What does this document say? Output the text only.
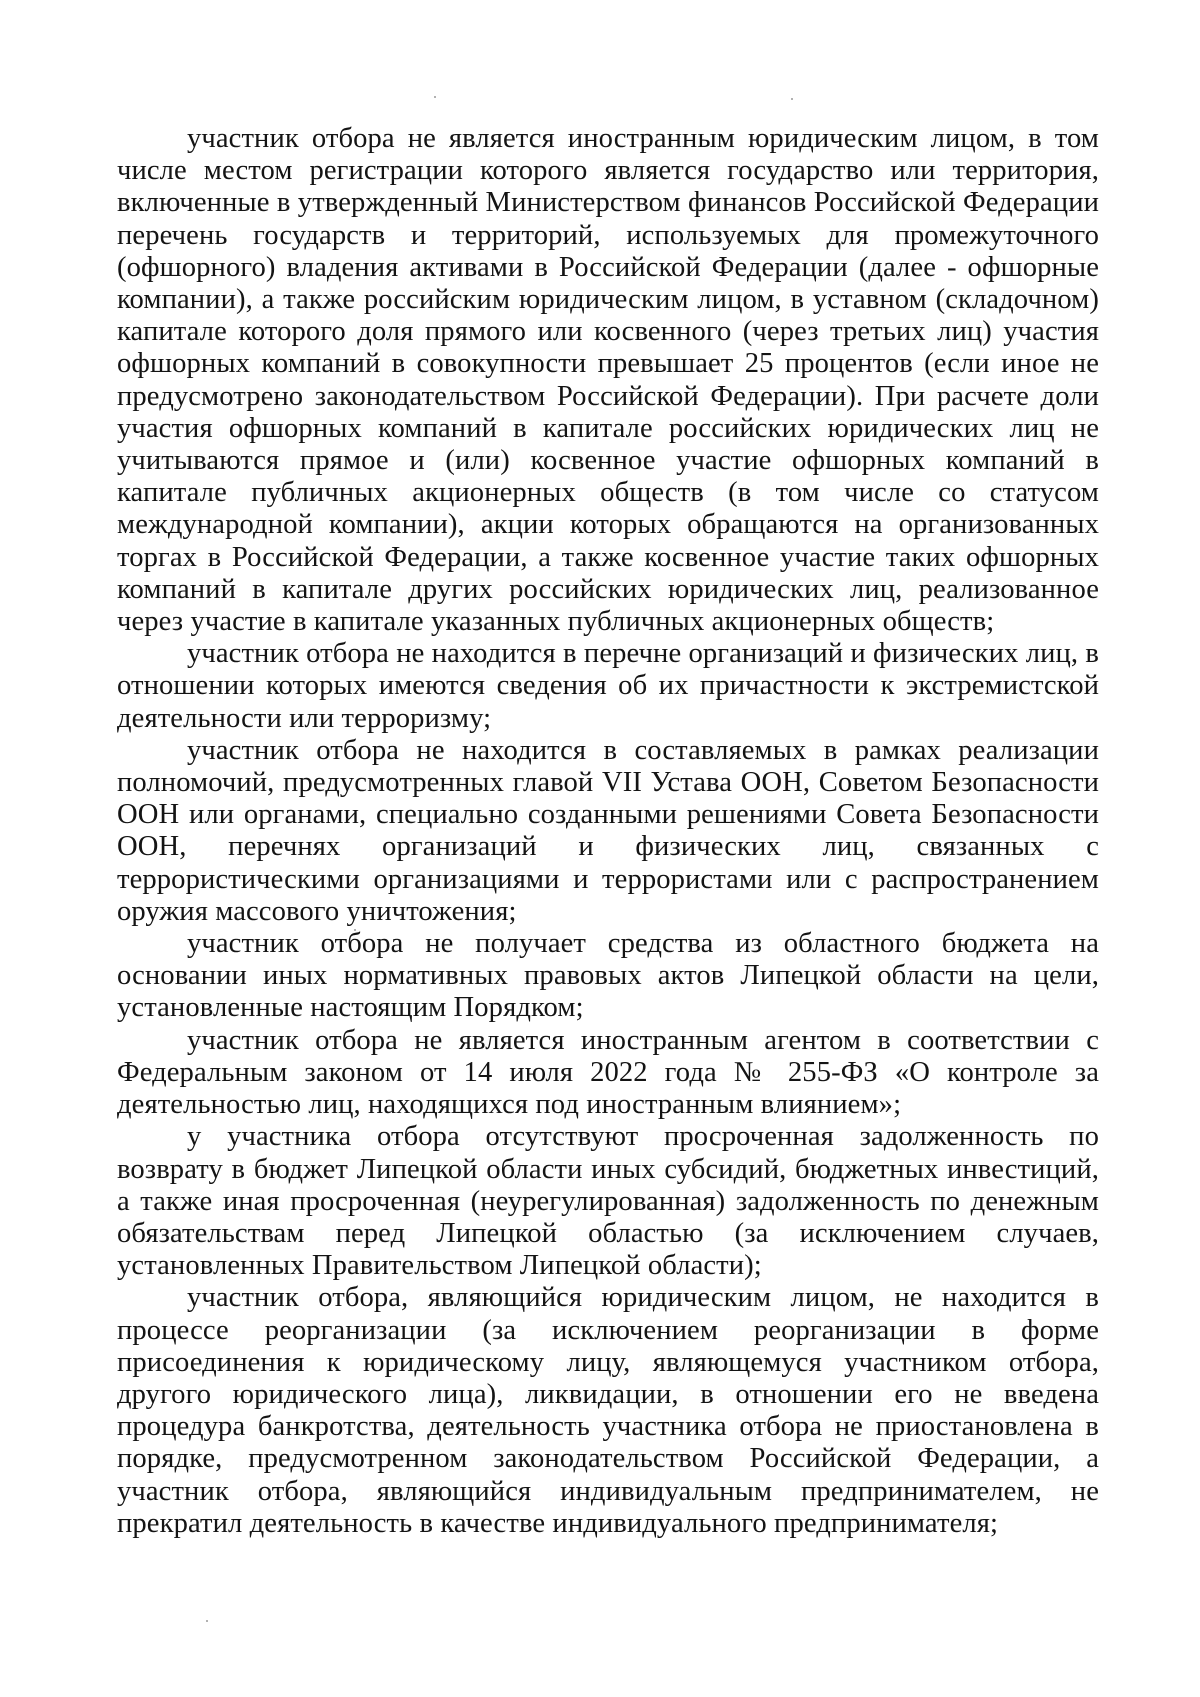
участник отбора не является иностранным юридическим лицом, в том числе местом регистрации которого является государство или территория, включенные в утвержденный Министерством финансов Российской Федерации перечень государств и территорий, используемых для промежуточного (офшорного) владения активами в Российской Федерации (далее - офшорные компании), а также российским юридическим лицом, в уставном (складочном) капитале которого доля прямого или косвенного (через третьих лиц) участия офшорных компаний в совокупности превышает 25 процентов (если иное не предусмотрено законодательством Российской Федерации). При расчете доли участия офшорных компаний в капитале российских юридических лиц не учитываются прямое и (или) косвенное участие офшорных компаний в капитале публичных акционерных обществ (в том числе со статусом международной компании), акции которых обращаются на организованных торгах в Российской Федерации, а также косвенное участие таких офшорных компаний в капитале других российских юридических лиц, реализованное через участие в капитале указанных публичных акционерных обществ;

участник отбора не находится в перечне организаций и физических лиц, в отношении которых имеются сведения об их причастности к экстремистской деятельности или терроризму;

участник отбора не находится в составляемых в рамках реализации полномочий, предусмотренных главой VII Устава ООН, Советом Безопасности ООН или органами, специально созданными решениями Совета Безопасности ООН, перечнях организаций и физических лиц, связанных с террористическими организациями и террористами или с распространением оружия массового уничтожения;

участник отбора не получает средства из областного бюджета на основании иных нормативных правовых актов Липецкой области на цели, установленные настоящим Порядком;

участник отбора не является иностранным агентом в соответствии с Федеральным законом от 14 июля 2022 года № 255-ФЗ «О контроле за деятельностью лиц, находящихся под иностранным влиянием»;

у участника отбора отсутствуют просроченная задолженность по возврату в бюджет Липецкой области иных субсидий, бюджетных инвестиций, а также иная просроченная (неурегулированная) задолженность по денежным обязательствам перед Липецкой областью (за исключением случаев, установленных Правительством Липецкой области);

участник отбора, являющийся юридическим лицом, не находится в процессе реорганизации (за исключением реорганизации в форме присоединения к юридическому лицу, являющемуся участником отбора, другого юридического лица), ликвидации, в отношении его не введена процедура банкротства, деятельность участника отбора не приостановлена в порядке, предусмотренном законодательством Российской Федерации, а участник отбора, являющийся индивидуальным предпринимателем, не прекратил деятельность в качестве индивидуального предпринимателя;
